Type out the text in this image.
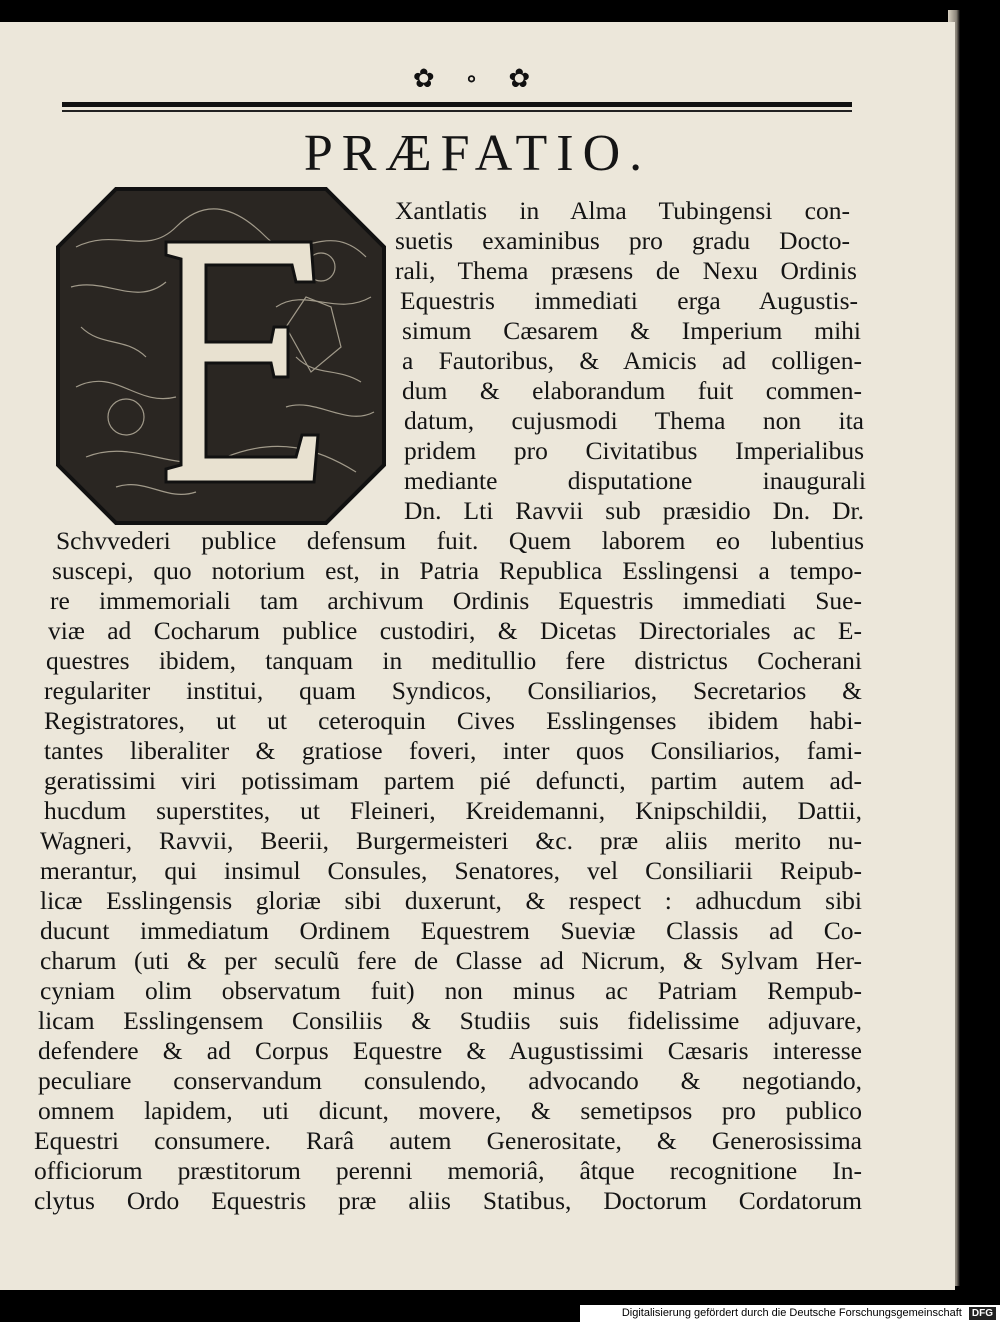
✿ ∘ ✿
PRÆFATIO.
Xantlatis in Alma Tubingensi con-
suetis examinibus pro gradu Docto-
rali, Thema præsens de Nexu Ordinis
Equestris immediati erga Augustis-
simum Cæsarem & Imperium mihi
a Fautoribus, & Amicis ad colligen-
dum & elaborandum fuit commen-
datum, cujusmodi Thema non ita
pridem pro Civitatibus Imperialibus
mediante disputatione inaugurali
Dn. Lti Ravvii sub præsidio Dn. Dr.
Schvvederi publice defensum fuit. Quem laborem eo lubentius
suscepi, quo notorium est, in Patria Republica Esslingensi a tempo-
re immemoriali tam archivum Ordinis Equestris immediati Sue-
viæ ad Cocharum publice custodiri, & Dicetas Directoriales ac E-
questres ibidem, tanquam in meditullio fere districtus Cocherani
regulariter institui, quam Syndicos, Consiliarios, Secretarios &
Registratores, ut ut ceteroquin Cives Esslingenses ibidem habi-
tantes liberaliter & gratiose foveri, inter quos Consiliarios, fami-
geratissimi viri potissimam partem pié defuncti, partim autem ad-
hucdum superstites, ut Fleineri, Kreidemanni, Knipschildii, Dattii,
Wagneri, Ravvii, Beerii, Burgermeisteri &c. præ aliis merito nu-
merantur, qui insimul Consules, Senatores, vel Consiliarii Reipub-
licæ Esslingensis gloriæ sibi duxerunt, & respect : adhucdum sibi
ducunt immediatum Ordinem Equestrem Sueviæ Classis ad Co-
charum (uti & per seculũ fere de Classe ad Nicrum, & Sylvam Her-
cyniam olim observatum fuit) non minus ac Patriam Rempub-
licam Esslingensem Consiliis & Studiis suis fidelissime adjuvare,
defendere & ad Corpus Equestre & Augustissimi Cæsaris interesse
peculiare conservandum consulendo, advocando & negotiando,
omnem lapidem, uti dicunt, movere, & semetipsos pro publico
Equestri consumere. Rarâ autem Generositate, & Generosissima
officiorum præstitorum perenni memoriâ, âtque recognitione In-
clytus Ordo Equestris præ aliis Statibus, Doctorum Cordatorum
Digitalisierung gefördert durch die Deutsche Forschungsgemeinschaft DFG
